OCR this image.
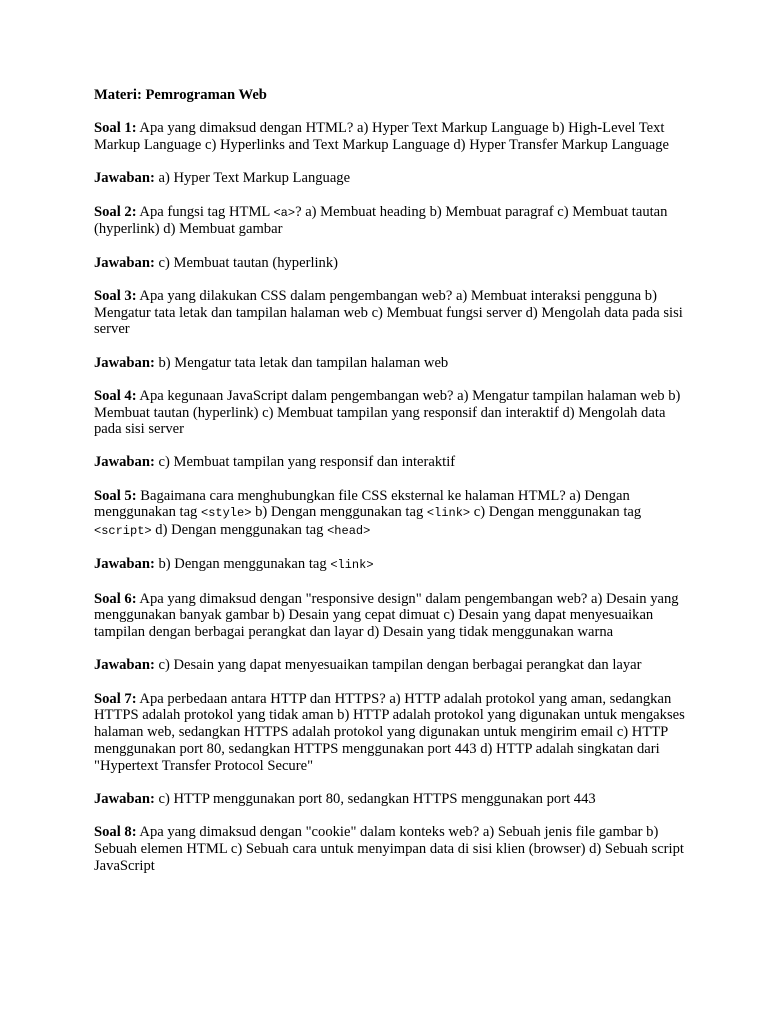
Materi: Pemrograman Web

Soal 1: Apa yang dimaksud dengan HTML? a) Hyper Text Markup Language b) High-Level Text Markup Language c) Hyperlinks and Text Markup Language d) Hyper Transfer Markup Language

Jawaban: a) Hyper Text Markup Language

Soal 2: Apa fungsi tag HTML <a>? a) Membuat heading b) Membuat paragraf c) Membuat tautan (hyperlink) d) Membuat gambar

Jawaban: c) Membuat tautan (hyperlink)

Soal 3: Apa yang dilakukan CSS dalam pengembangan web? a) Membuat interaksi pengguna b) Mengatur tata letak dan tampilan halaman web c) Membuat fungsi server d) Mengolah data pada sisi server

Jawaban: b) Mengatur tata letak dan tampilan halaman web

Soal 4: Apa kegunaan JavaScript dalam pengembangan web? a) Mengatur tampilan halaman web b) Membuat tautan (hyperlink) c) Membuat tampilan yang responsif dan interaktif d) Mengolah data pada sisi server

Jawaban: c) Membuat tampilan yang responsif dan interaktif

Soal 5: Bagaimana cara menghubungkan file CSS eksternal ke halaman HTML? a) Dengan menggunakan tag <style> b) Dengan menggunakan tag <link> c) Dengan menggunakan tag <script> d) Dengan menggunakan tag <head>

Jawaban: b) Dengan menggunakan tag <link>

Soal 6: Apa yang dimaksud dengan "responsive design" dalam pengembangan web? a) Desain yang menggunakan banyak gambar b) Desain yang cepat dimuat c) Desain yang dapat menyesuaikan tampilan dengan berbagai perangkat dan layar d) Desain yang tidak menggunakan warna

Jawaban: c) Desain yang dapat menyesuaikan tampilan dengan berbagai perangkat dan layar

Soal 7: Apa perbedaan antara HTTP dan HTTPS? a) HTTP adalah protokol yang aman, sedangkan HTTPS adalah protokol yang tidak aman b) HTTP adalah protokol yang digunakan untuk mengakses halaman web, sedangkan HTTPS adalah protokol yang digunakan untuk mengirim email c) HTTP menggunakan port 80, sedangkan HTTPS menggunakan port 443 d) HTTP adalah singkatan dari "Hypertext Transfer Protocol Secure"

Jawaban: c) HTTP menggunakan port 80, sedangkan HTTPS menggunakan port 443

Soal 8: Apa yang dimaksud dengan "cookie" dalam konteks web? a) Sebuah jenis file gambar b) Sebuah elemen HTML c) Sebuah cara untuk menyimpan data di sisi klien (browser) d) Sebuah script JavaScript
